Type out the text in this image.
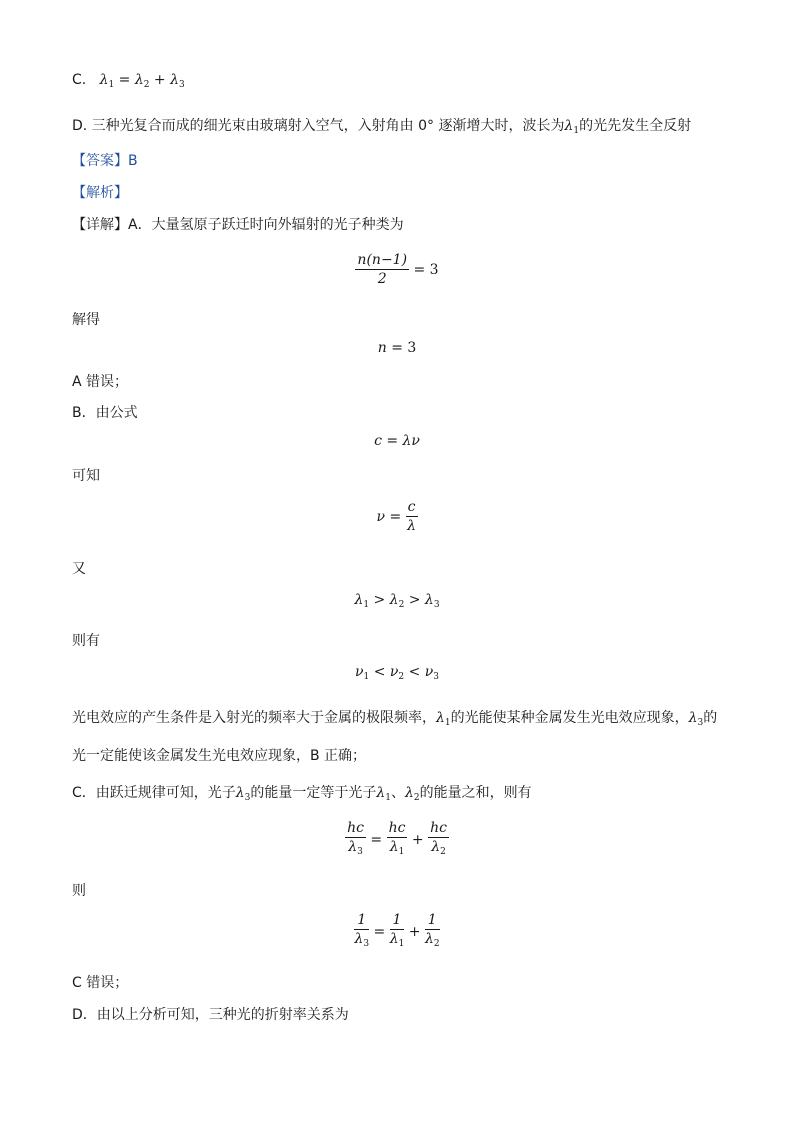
C. $\lambda_1 = \lambda_2 + \lambda_3$
D. 三种光复合而成的细光束由玻璃射入空气，入射角由 0° 逐渐增大时，波长为$\lambda_1$的光先发生全反射
【答案】B
【解析】
【详解】A．大量氢原子跃迁时向外辐射的光子种类为
$\frac{n(n-1)}{2} = 3$
解得
n = 3
A 错误；
B．由公式
c = λν
可知
$\nu = \frac{c}{\lambda}$
又
$\lambda_1 > \lambda_2 > \lambda_3$
则有
$\nu_1 < \nu_2 < \nu_3$
光电效应的产生条件是入射光的频率大于金属的极限频率，$\lambda_1$的光能使某种金属发生光电效应现象，$\lambda_3$的
光一定能使该金属发生光电效应现象，B 正确；
C．由跃迁规律可知，光子$\lambda_3$的能量一定等于光子$\lambda_1$、$\lambda_2$的能量之和，则有
$\frac{hc}{\lambda_3} = \frac{hc}{\lambda_1} + \frac{hc}{\lambda_2}$
则
$\frac{1}{\lambda_3} = \frac{1}{\lambda_1} + \frac{1}{\lambda_2}$
C 错误；
D．由以上分析可知，三种光的折射率关系为
